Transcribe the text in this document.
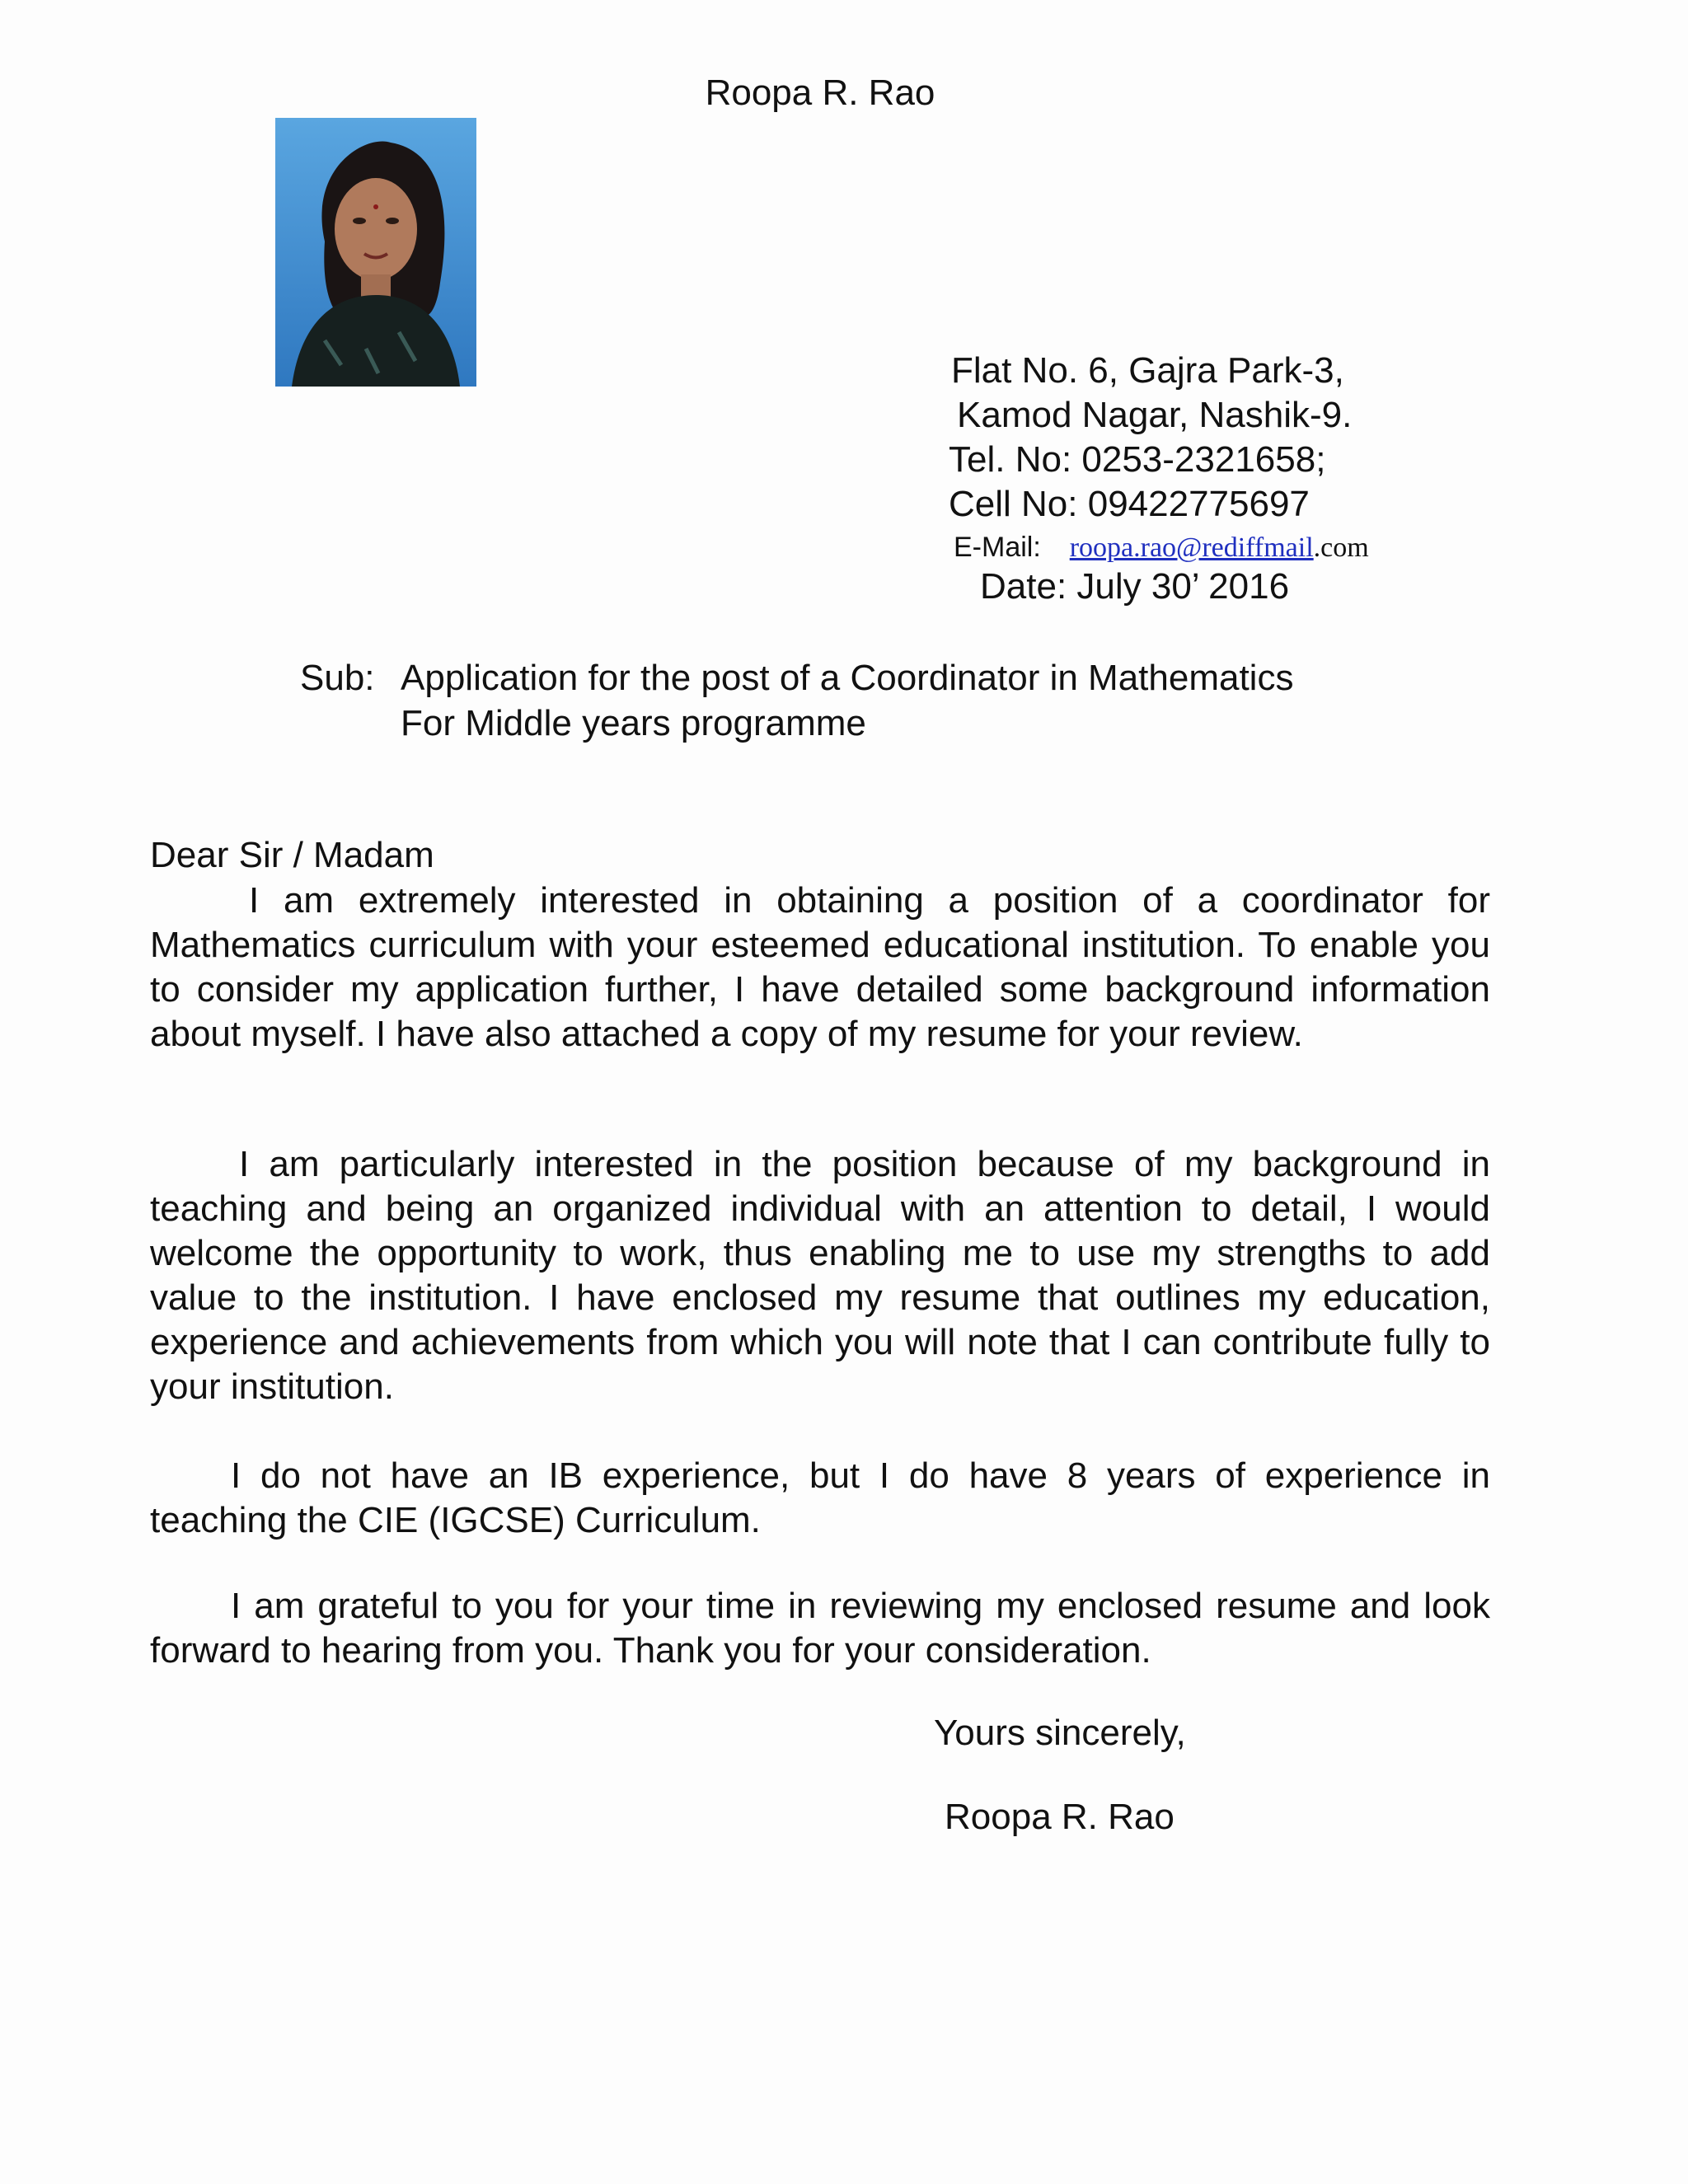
Roopa R. Rao
Flat No. 6, Gajra Park-3,
Kamod Nagar, Nashik-9.
Tel. No: 0253-2321658;
Cell No: 09422775697
E-Mail: roopa.rao@rediffmail.com
Date: July 30’ 2016
Sub: Application for the post of a Coordinator in Mathematics
For Middle years programme
Dear Sir / Madam
I am extremely interested in obtaining a position of a coordinator for Mathematics curriculum with your esteemed educational institution. To enable you to consider my application further, I have detailed some background information about myself. I have also attached a copy of my resume for your review.
I am particularly interested in the position because of my background in teaching and being an organized individual with an attention to detail, I would welcome the opportunity to work, thus enabling me to use my strengths to add value to the institution. I have enclosed my resume that outlines my education, experience and achievements from which you will note that I can contribute fully to your institution.
I do not have an IB experience, but I do have 8 years of experience in teaching the CIE (IGCSE) Curriculum.
I am grateful to you for your time in reviewing my enclosed resume and look forward to hearing from you. Thank you for your consideration.
Yours sincerely,
Roopa R. Rao
